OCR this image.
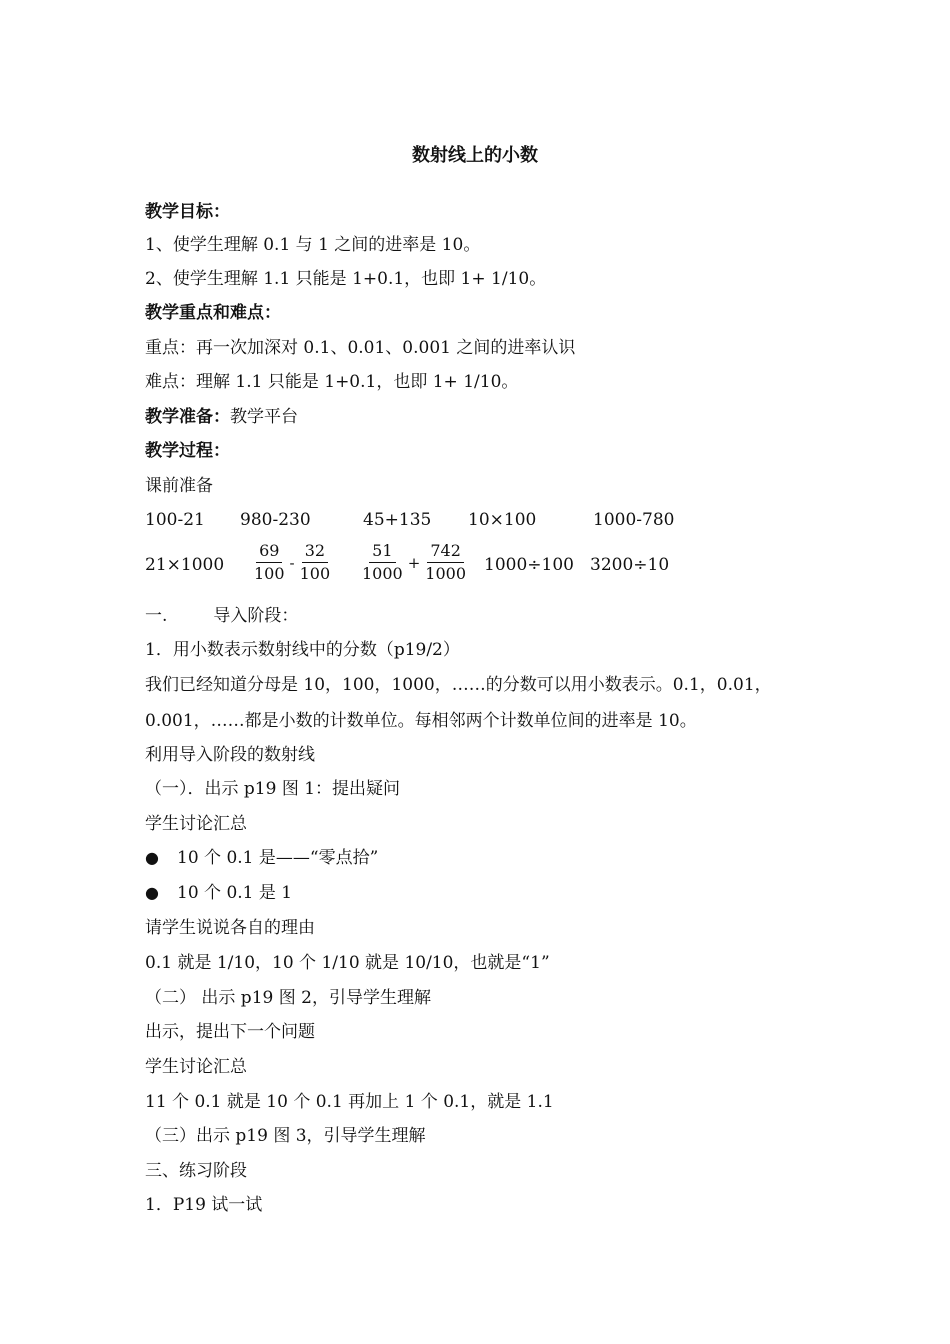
数射线上的小数
教学目标：
1、使学生理解 0.1 与 1 之间的进率是 10。
2、使学生理解 1.1 只能是 1+0.1，也即 1+ 1/10。
教学重点和难点：
重点：再一次加深对 0.1、0.01、0.001 之间的进率认识
难点：理解 1.1 只能是 1+0.1，也即 1+ 1/10。
教学准备：教学平台
教学过程：
课前准备
100-21 980-230	45+135 10×100	1000-780
$21\times 1000 \frac{69}{100} - \frac{32}{100} \frac{51}{1000} + \frac{742}{1000} 1000\div 100$ 3200÷10
一.	导入阶段：
1．用小数表示数射线中的分数（p19/2）
我们已经知道分母是 10，100，1000，……的分数可以用小数表示。0.1，0.01，
0.001，……都是小数的计数单位。每相邻两个计数单位间的进率是 10。
利用导入阶段的数射线
（一）．出示 p19 图 1：提出疑问
学生讨论汇总
● 10 个 0.1 是——“零点拾”
● 10 个 0.1 是 1
请学生说说各自的理由
0.1 就是 1/10，10 个 1/10 就是 10/10，也就是“1”
（二） 出示 p19 图 2，引导学生理解
出示，提出下一个问题
学生讨论汇总
11 个 0.1 就是 10 个 0.1 再加上 1 个 0.1，就是 1.1
（三）出示 p19 图 3，引导学生理解
三、练习阶段
1．P19 试一试
